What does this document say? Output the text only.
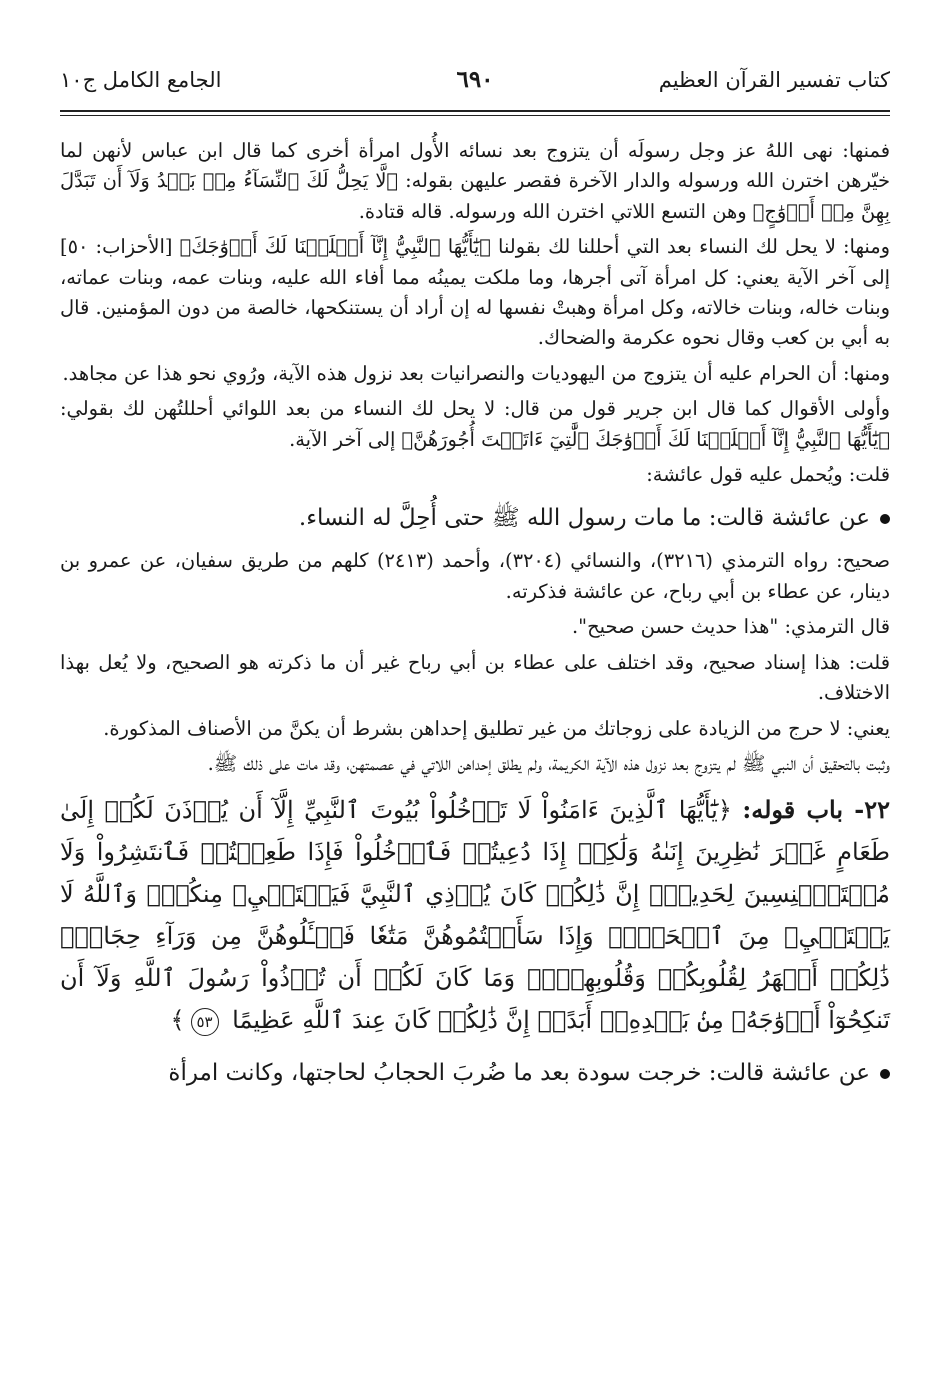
كتاب تفسير القرآن العظيم
٦٩٠
الجامع الكامل ج١٠

فمنها: نهى اللهُ عز وجل رسولَه أن يتزوج بعد نسائه الأُول امرأة أخرى كما قال ابن عباس لأنهن لما خيّرهن اخترن الله ورسوله والدار الآخرة فقصر عليهن بقوله: ﴿لَّا يَحِلُّ لَكَ ٱلنِّسَآءُ مِنۢ بَعۡدُ وَلَآ أَن تَبَدَّلَ بِهِنَّ مِنۡ أَزۡوَٰجٍ﴾ وهن التسع اللاتي اخترن الله ورسوله. قاله قتادة.

ومنها: لا يحل لك النساء بعد التي أحللنا لك بقولنا ﴿يَٰٓأَيُّهَا ٱلنَّبِيُّ إِنَّآ أَحۡلَلۡنَا لَكَ أَزۡوَٰجَكَ﴾ [الأحزاب: ٥٠] إلى آخر الآية يعني: كل امرأة آتى أجرها، وما ملكت يمينُه مما أفاء الله عليه، وبنات عمه، وبنات عماته، وبنات خاله، وبنات خالاته، وكل امرأة وهبتْ نفسها له إن أراد أن يستنكحها، خالصة من دون المؤمنين. قال به أبي بن كعب وقال نحوه عكرمة والضحاك.

ومنها: أن الحرام عليه أن يتزوج من اليهوديات والنصرانيات بعد نزول هذه الآية، ورُوي نحو هذا عن مجاهد.

وأولى الأقوال كما قال ابن جرير قول من قال: لا يحل لك النساء من بعد اللوائي أحللتُهن لك بقولي: ﴿يَٰٓأَيُّهَا ٱلنَّبِيُّ إِنَّآ أَحۡلَلۡنَا لَكَ أَزۡوَٰجَكَ ٱلَّٰتِيٓ ءَاتَيۡتَ أُجُورَهُنَّ﴾ إلى آخر الآية.

قلت: ويُحمل عليه قول عائشة:

عن عائشة قالت: ما مات رسول الله ﷺ حتى أُحِلَّ له النساء.

صحيح: رواه الترمذي (٣٢١٦)، والنسائي (٣٢٠٤)، وأحمد (٢٤١٣) كلهم من طريق سفيان، عن عمرو بن دينار، عن عطاء بن أبي رباح، عن عائشة فذكرته.

قال الترمذي: "هذا حديث حسن صحيح".

قلت: هذا إسناد صحيح، وقد اختلف على عطاء بن أبي رباح غير أن ما ذكرته هو الصحيح، ولا يُعل بهذا الاختلاف.

يعني: لا حرج من الزيادة على زوجاتك من غير تطليق إحداهن بشرط أن يكنَّ من الأصناف المذكورة.

وثبت بالتحقيق أن النبي ﷺ لم يتزوج بعد نزول هذه الآية الكريمة، ولم يطلق إحداهن اللاتي في عصمتهن، وقد مات على ذلك ﷺ.

٢٢- باب قوله: ﴿يَٰٓأَيُّهَا ٱلَّذِينَ ءَامَنُواْ لَا تَدۡخُلُواْ بُيُوتَ ٱلنَّبِيِّ إِلَّآ أَن يُؤۡذَنَ لَكُمۡ إِلَىٰ طَعَامٍ غَيۡرَ نَٰظِرِينَ إِنَىٰهُ وَلَٰكِنۡ إِذَا دُعِيتُمۡ فَٱدۡخُلُواْ فَإِذَا طَعِمۡتُمۡ فَٱنتَشِرُواْ وَلَا مُسۡتَـٔۡنِسِينَ لِحَدِيثٍۚ إِنَّ ذَٰلِكُمۡ كَانَ يُؤۡذِي ٱلنَّبِيَّ فَيَسۡتَحۡيِۦ مِنكُمۡۖ وَٱللَّهُ لَا يَسۡتَحۡيِۦ مِنَ ٱلۡحَقِّۚ وَإِذَا سَأَلۡتُمُوهُنَّ مَتَٰعٗا فَسۡـَٔلُوهُنَّ مِن وَرَآءِ حِجَابٖۚ ذَٰلِكُمۡ أَطۡهَرُ لِقُلُوبِكُمۡ وَقُلُوبِهِنَّۚ وَمَا كَانَ لَكُمۡ أَن تُؤۡذُواْ رَسُولَ ٱللَّهِ وَلَآ أَن تَنكِحُوٓاْ أَزۡوَٰجَهُۥ مِنۢ بَعۡدِهِۦٓ أَبَدًاۚ إِنَّ ذَٰلِكُمۡ كَانَ عِندَ ٱللَّهِ عَظِيمًا ٥٣﴾

عن عائشة قالت: خرجت سودة بعد ما ضُربَ الحجابُ لحاجتها، وكانت امرأة
